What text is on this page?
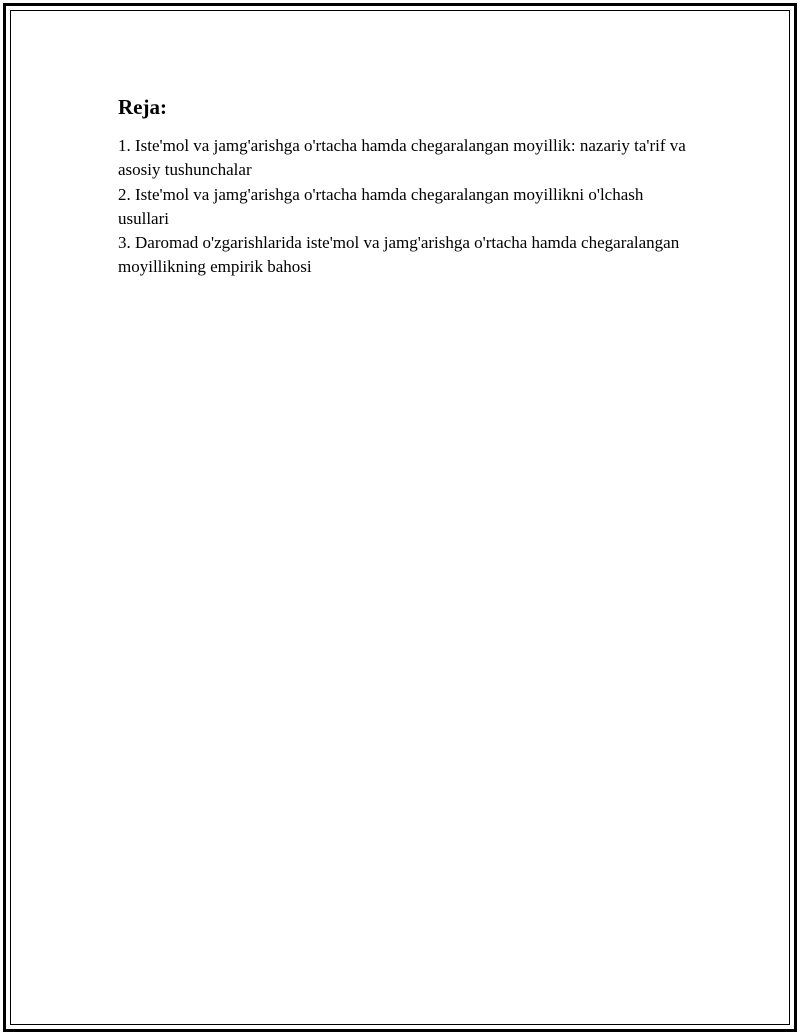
Reja:
1. Iste'mol va jamg'arishga o'rtacha hamda chegaralangan moyillik: nazariy ta'rif va asosiy tushunchalar
2. Iste'mol va jamg'arishga o'rtacha hamda chegaralangan moyillikni o'lchash usullari
3. Daromad o'zgarishlarida iste'mol va jamg'arishga o'rtacha hamda chegaralangan moyillikning empirik bahosi
